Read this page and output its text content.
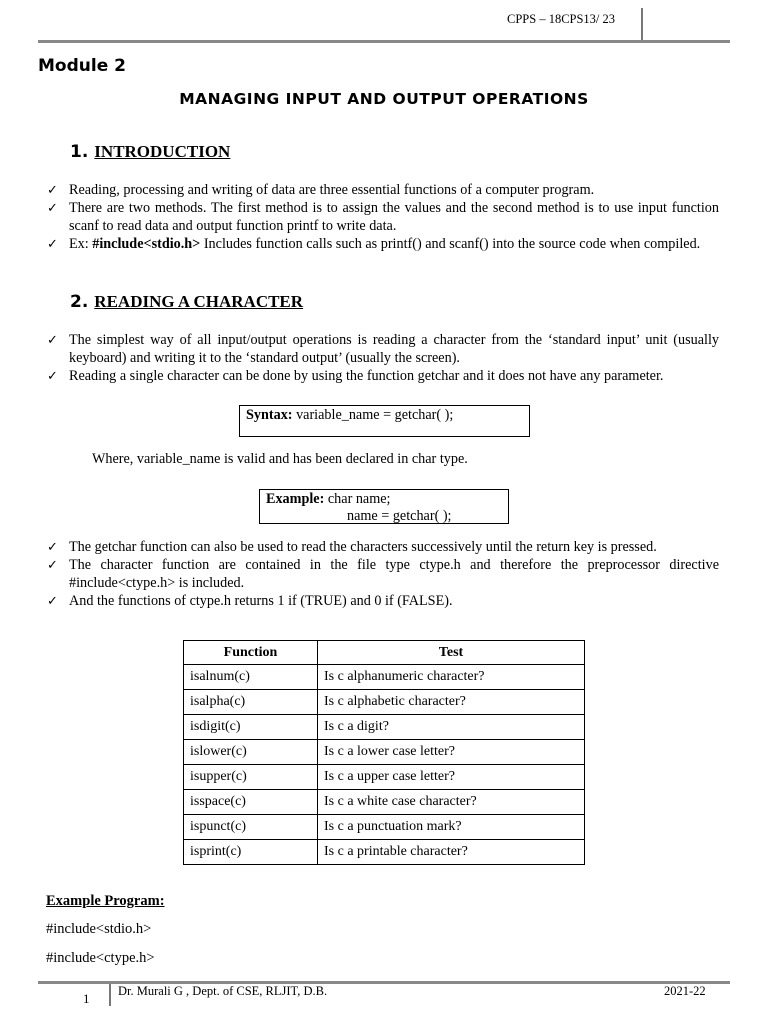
CPPS – 18CPS13/ 23
Module 2
MANAGING INPUT AND OUTPUT OPERATIONS
1. INTRODUCTION
✓ Reading, processing and writing of data are three essential functions of a computer program.
✓ There are two methods. The first method is to assign the values and the second method is to use input function scanf to read data and output function printf to write data.
✓ Ex: #include<stdio.h> Includes function calls such as printf() and scanf() into the source code when compiled.
2. READING A CHARACTER
✓ The simplest way of all input/output operations is reading a character from the ‘standard input’ unit (usually keyboard) and writing it to the ‘standard output’ (usually the screen).
✓ Reading a single character can be done by using the function getchar and it does not have any parameter.
Syntax: variable_name = getchar( );
Where, variable_name is valid and has been declared in char type.
Example: char name;
name = getchar( );
✓ The getchar function can also be used to read the characters successively until the return key is pressed.
✓ The character function are contained in the file type ctype.h and therefore the preprocessor directive #include<ctype.h> is included.
✓ And the functions of ctype.h returns 1 if (TRUE) and 0 if (FALSE).
Function	Test
isalnum(c)	Is c alphanumeric character?
isalpha(c)	Is c alphabetic character?
isdigit(c)	Is c a digit?
islower(c)	Is c a lower case letter?
isupper(c)	Is c a upper case letter?
isspace(c)	Is c a white case character?
ispunct(c)	Is c a punctuation mark?
isprint(c)	Is c a printable character?
Example Program:
#include<stdio.h>
#include<ctype.h>
1 Dr. Murali G , Dept. of CSE, RLJIT, D.B.	2021-22
